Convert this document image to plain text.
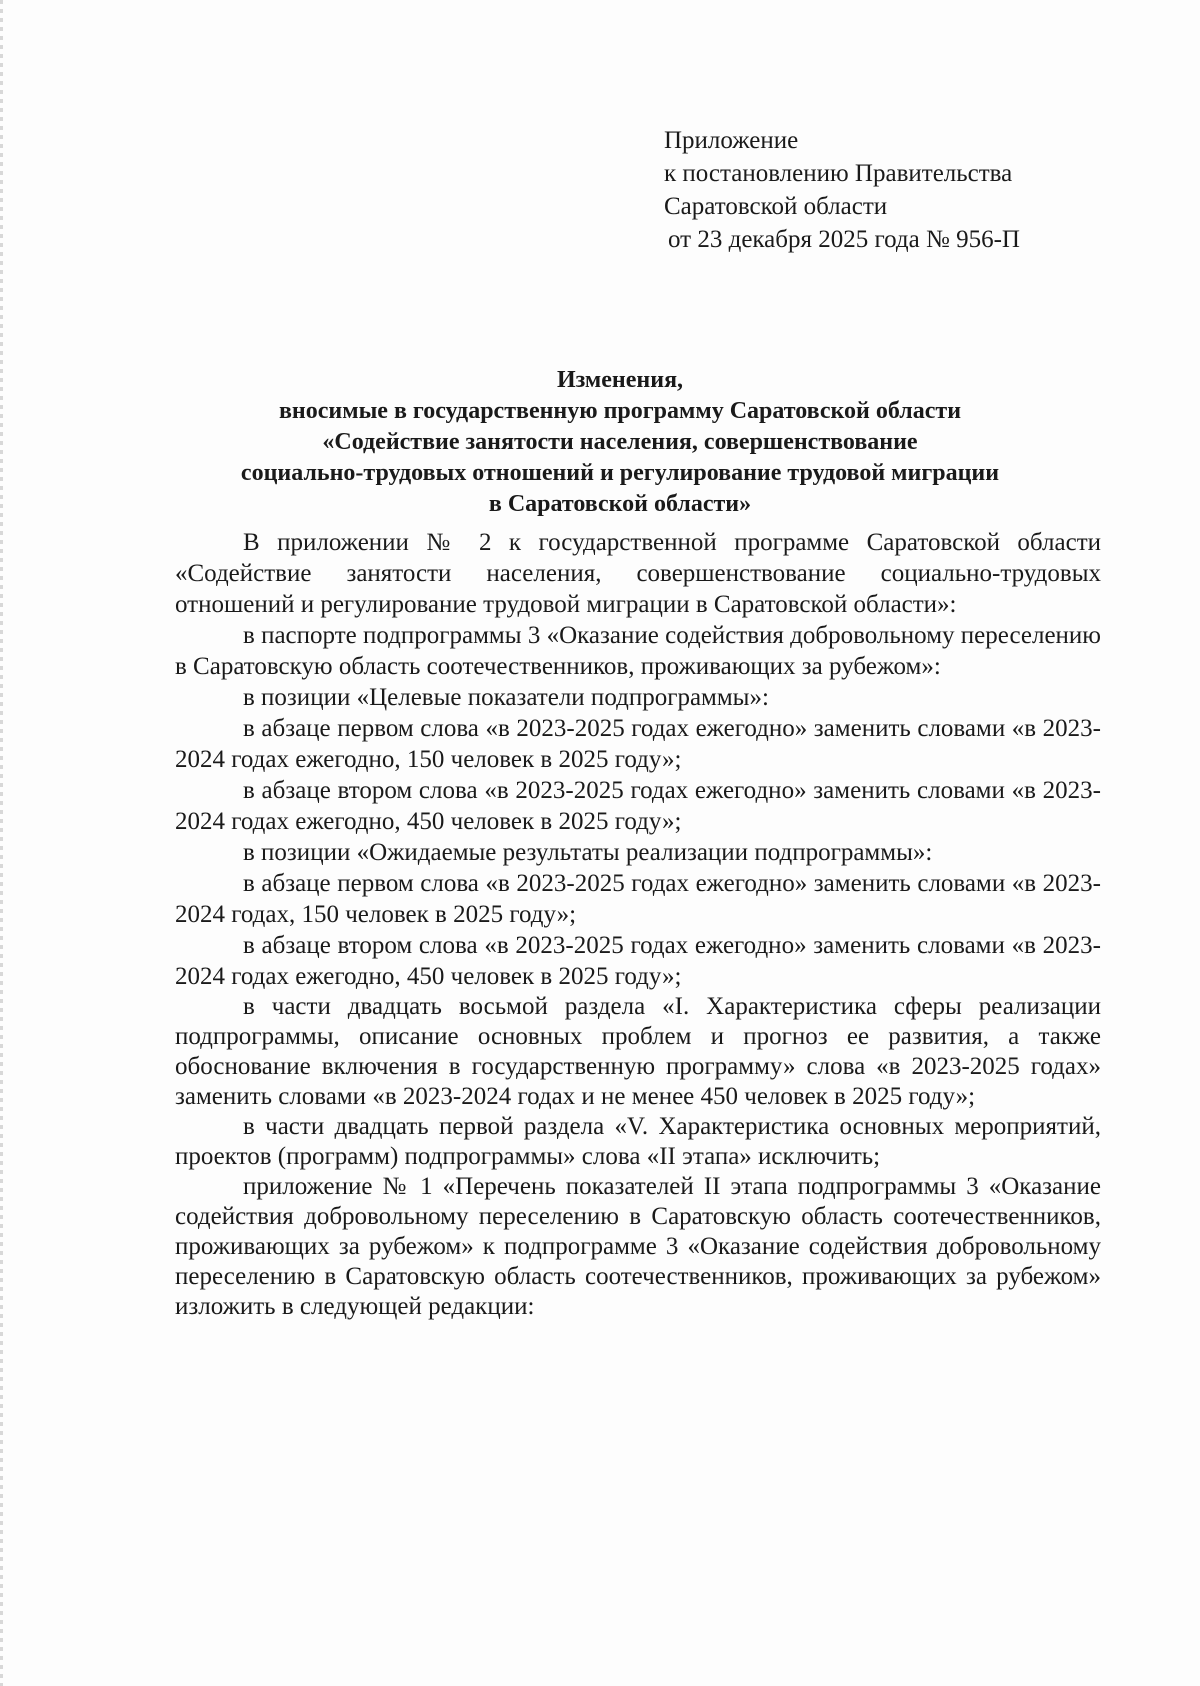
Приложение
к постановлению Правительства
Саратовской области
от 23 декабря 2025 года № 956-П
Изменения,
вносимые в государственную программу Саратовской области
«Содействие занятости населения, совершенствование
социально-трудовых отношений и регулирование трудовой миграции
в Саратовской области»

В приложении № 2 к государственной программе Саратовской области «Содействие занятости населения, совершенствование социально-трудовых отношений и регулирование трудовой миграции в Саратовской области»:

в паспорте подпрограммы 3 «Оказание содействия добровольному переселению в Саратовскую область соотечественников, проживающих за рубежом»:

в позиции «Целевые показатели подпрограммы»:

в абзаце первом слова «в 2023-2025 годах ежегодно» заменить словами «в 2023-2024 годах ежегодно, 150 человек в 2025 году»;

в абзаце втором слова «в 2023-2025 годах ежегодно» заменить словами «в 2023-2024 годах ежегодно, 450 человек в 2025 году»;

в позиции «Ожидаемые результаты реализации подпрограммы»:

в абзаце первом слова «в 2023-2025 годах ежегодно» заменить словами «в 2023-2024 годах, 150 человек в 2025 году»;

в абзаце втором слова «в 2023-2025 годах ежегодно» заменить словами «в 2023-2024 годах ежегодно, 450 человек в 2025 году»;

в части двадцать восьмой раздела «I. Характеристика сферы реализации подпрограммы, описание основных проблем и прогноз ее развития, а также обоснование включения в государственную программу» слова «в 2023-2025 годах» заменить словами «в 2023-2024 годах и не менее 450 человек в 2025 году»;

в части двадцать первой раздела «V. Характеристика основных мероприятий, проектов (программ) подпрограммы» слова «II этапа» исключить;

приложение № 1 «Перечень показателей II этапа подпрограммы 3 «Оказание содействия добровольному переселению в Саратовскую область соотечественников, проживающих за рубежом» к подпрограмме 3 «Оказание содействия добровольному переселению в Саратовскую область соотечественников, проживающих за рубежом» изложить в следующей редакции:
